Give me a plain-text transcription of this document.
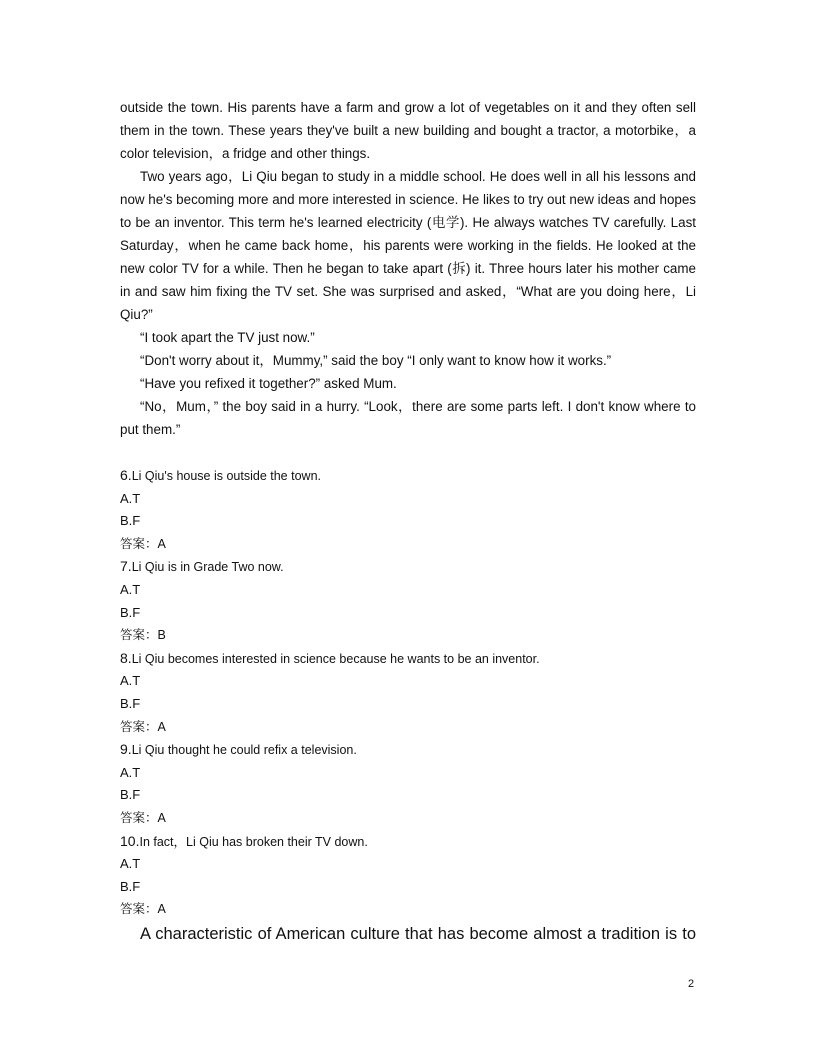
outside the town. His parents have a farm and grow a lot of vegetables on it and they often sell them in the town. These years they've built a new building and bought a tractor, a motorbike，a color television，a fridge and other things.

Two years ago，Li Qiu began to study in a middle school. He does well in all his lessons and now he's becoming more and more interested in science. He likes to try out new ideas and hopes to be an inventor. This term he's learned electricity (电学). He always watches TV carefully. Last Saturday，when he came back home，his parents were working in the fields. He looked at the new color TV for a while. Then he began to take apart (拆) it. Three hours later his mother came in and saw him fixing the TV set. She was surprised and asked，“What are you doing here，Li Qiu?”

“I took apart the TV just now.”

“Don't worry about it，Mummy,” said the boy “I only want to know how it works.”

“Have you refixed it together?” asked Mum.

“No，Mum，” the boy said in a hurry. “Look，there are some parts left. I don't know where to put them.”

6.Li Qiu's house is outside the town.

A.T

B.F

答案：A

7.Li Qiu is in Grade Two now.

A.T

B.F

答案：B

8.Li Qiu becomes interested in science because he wants to be an inventor.

A.T

B.F

答案：A

9.Li Qiu thought he could refix a television.

A.T

B.F

答案：A

10.In fact，Li Qiu has broken their TV down.

A.T

B.F

答案：A

A characteristic of American culture that has become almost a tradition is to

2
